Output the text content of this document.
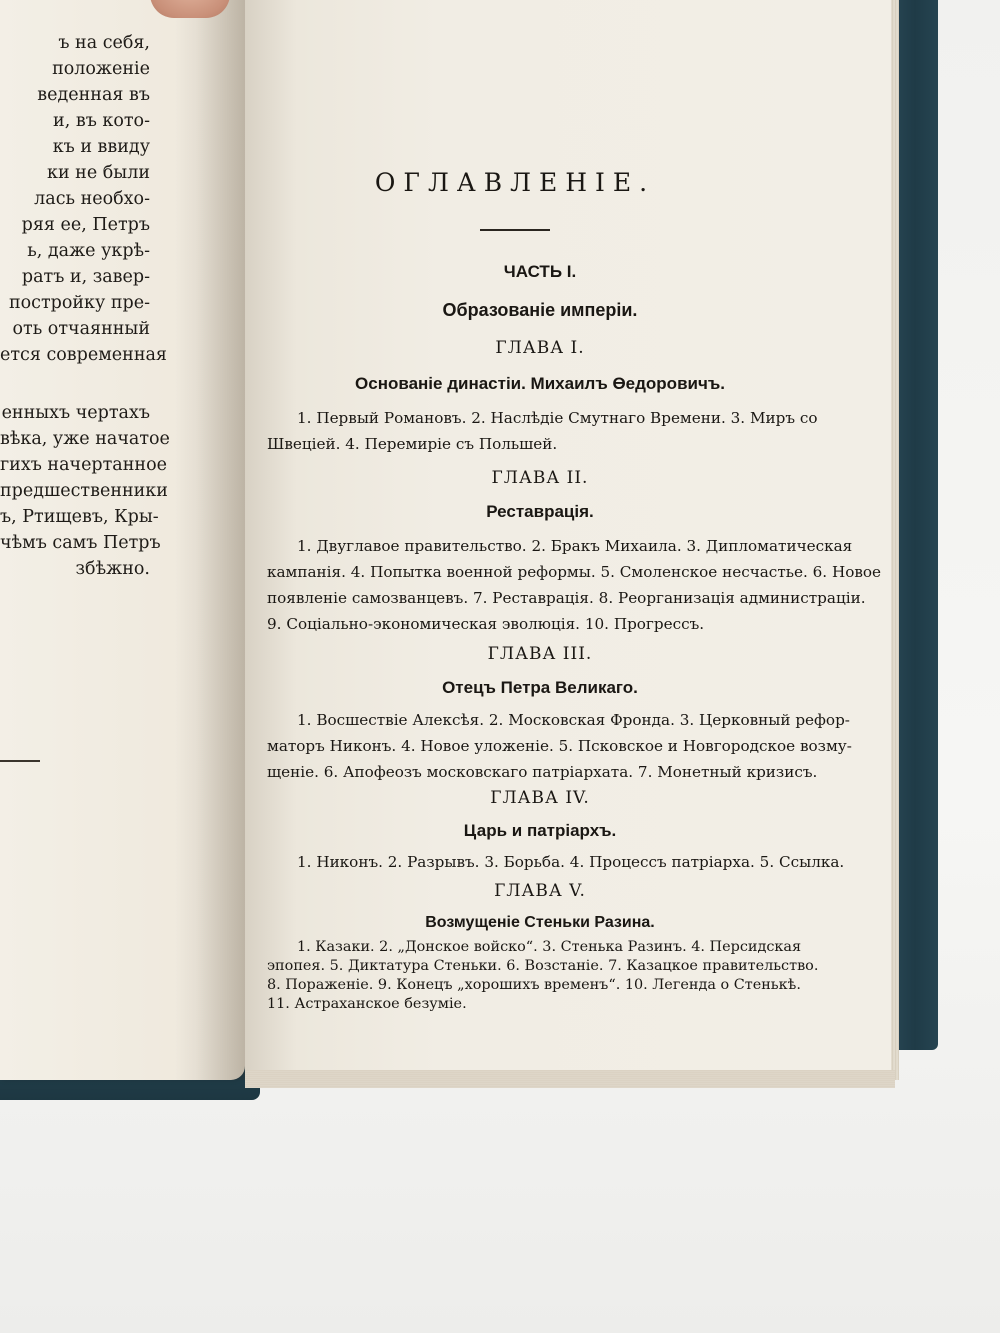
ъ на себя,
положеніе
веденная въ
и, въ кото-
къ и ввиду
ки не были
лась необхо-
ряя ее, Петръ
ь, даже укрѣ-
ратъ и, завер-
постройку пре-
оть отчаянный
ется современная
енныхъ чертахъ
вѣка, уже начатое
гихъ начертанное
предшественники
ъ, Ртищевъ, Кры-
чѣмъ самъ Петръ
збѣжно.
ОГЛАВЛЕНІЕ.
ЧАСТЬ I.
Образованіе имперіи.
ГЛАВА I.
Основаніе династіи. Михаилъ Өедоровичъ.
1. Первый Романовъ. 2. Наслѣдіе Смутнаго Времени. 3. Миръ со
Швеціей. 4. Перемиріе съ Польшей.
ГЛАВА II.
Реставрація.
1. Двуглавое правительство. 2. Бракъ Михаила. 3. Дипломатическая
кампанія. 4. Попытка военной реформы. 5. Смоленское несчастье. 6. Новое
появленіе самозванцевъ. 7. Реставрація. 8. Реорганизація администраціи.
9. Соціально-экономическая эволюція. 10. Прогрессъ.
ГЛАВА III.
Отецъ Петра Великаго.
1. Восшествіе Алексѣя. 2. Московская Фронда. 3. Церковный рефор-
маторъ Никонъ. 4. Новое уложеніе. 5. Псковское и Новгородское возму-
щеніе. 6. Апофеозъ московскаго патріархата. 7. Монетный кризисъ.
ГЛАВА IV.
Царь и патріархъ.
1. Никонъ. 2. Разрывъ. 3. Борьба. 4. Процессъ патріарха. 5. Ссылка.
ГЛАВА V.
Возмущеніе Стеньки Разина.
1. Казаки. 2. „Донское войско“. 3. Стенька Разинъ. 4. Персидская
эпопея. 5. Диктатура Стеньки. 6. Возстаніе. 7. Казацкое правительство.
8. Пораженіе. 9. Конецъ „хорошихъ временъ“. 10. Легенда о Стенькѣ.
11. Астраханское безуміе.
